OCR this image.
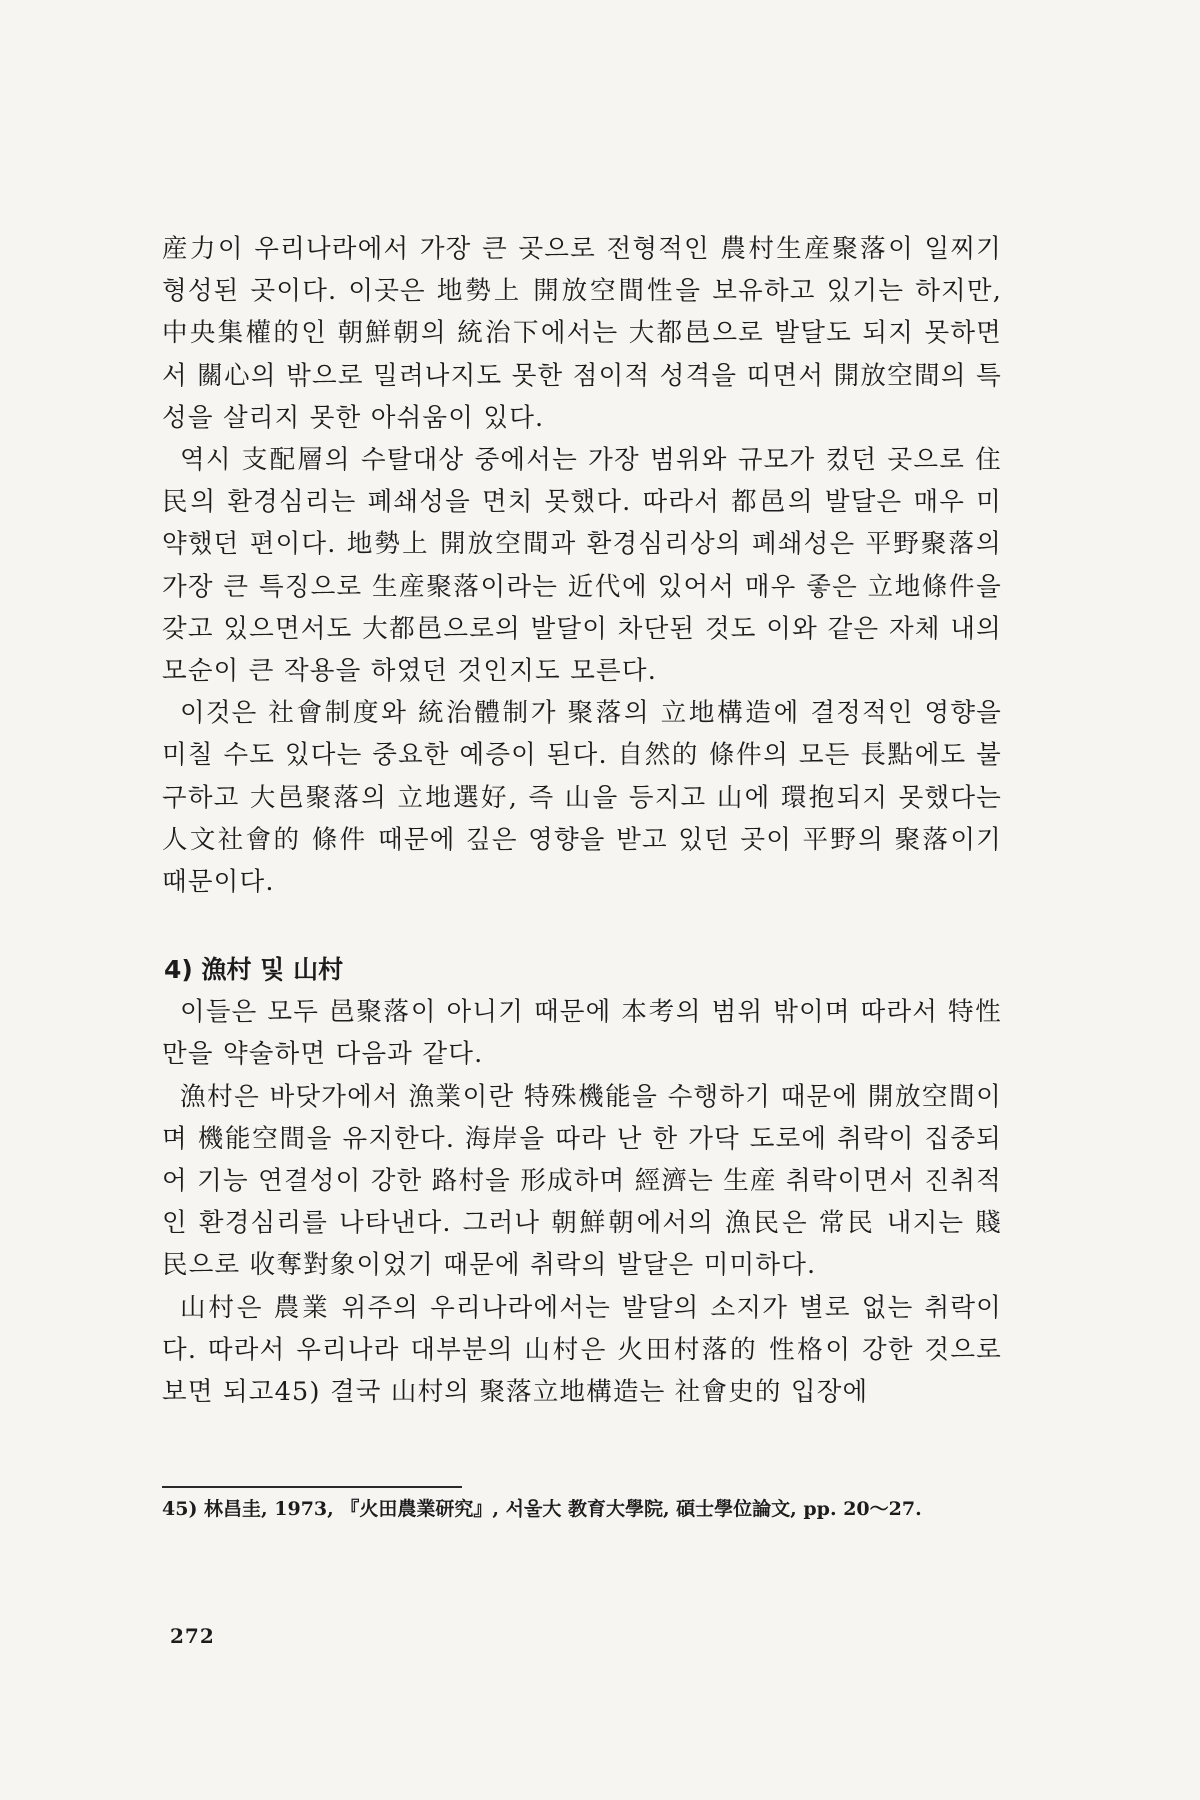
産力이 우리나라에서 가장 큰 곳으로 전형적인 農村生産聚落이 일찌기 형성된 곳이다. 이곳은 地勢上 開放空間性을 보유하고 있기는 하지만, 中央集權的인 朝鮮朝의 統治下에서는 大都邑으로 발달도 되지 못하면서 關心의 밖으로 밀려나지도 못한 점이적 성격을 띠면서 開放空間의 특성을 살리지 못한 아쉬움이 있다.

역시 支配層의 수탈대상 중에서는 가장 범위와 규모가 컸던 곳으로 住民의 환경심리는 폐쇄성을 면치 못했다. 따라서 都邑의 발달은 매우 미약했던 편이다. 地勢上 開放空間과 환경심리상의 폐쇄성은 平野聚落의 가장 큰 특징으로 生産聚落이라는 近代에 있어서 매우 좋은 立地條件을 갖고 있으면서도 大都邑으로의 발달이 차단된 것도 이와 같은 자체 내의 모순이 큰 작용을 하였던 것인지도 모른다.

이것은 社會制度와 統治體制가 聚落의 立地構造에 결정적인 영향을 미칠 수도 있다는 중요한 예증이 된다. 自然的 條件의 모든 長點에도 불구하고 大邑聚落의 立地選好, 즉 山을 등지고 山에 環抱되지 못했다는 人文社會的 條件 때문에 깊은 영향을 받고 있던 곳이 平野의 聚落이기 때문이다.

4) 漁村 및 山村

이들은 모두 邑聚落이 아니기 때문에 本考의 범위 밖이며 따라서 特性만을 약술하면 다음과 같다.

漁村은 바닷가에서 漁業이란 特殊機能을 수행하기 때문에 開放空間이며 機能空間을 유지한다. 海岸을 따라 난 한 가닥 도로에 취락이 집중되어 기능 연결성이 강한 路村을 形成하며 經濟는 生産 취락이면서 진취적인 환경심리를 나타낸다. 그러나 朝鮮朝에서의 漁民은 常民 내지는 賤民으로 收奪對象이었기 때문에 취락의 발달은 미미하다.

山村은 農業 위주의 우리나라에서는 발달의 소지가 별로 없는 취락이다. 따라서 우리나라 대부분의 山村은 火田村落的 性格이 강한 것으로 보면 되고45) 결국 山村의 聚落立地構造는 社會史的 입장에

45) 林昌圭, 1973, 『火田農業研究』, 서울大 教育大學院, 碩士學位論文, pp. 20～27.
272
